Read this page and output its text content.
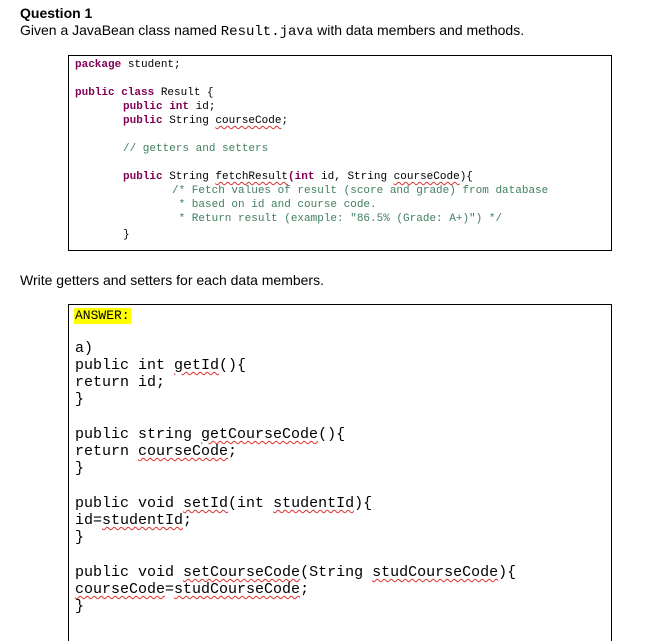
Question 1
Given a JavaBean class named Result.java with data members and methods.
package student;
public class Result {
public int id;
public String courseCode;
// getters and setters
public String fetchResult(int id, String courseCode){
/* Fetch values of result (score and grade) from database
* based on id and course code.
* Return result (example: "86.5% (Grade: A+)") */
}
Write getters and setters for each data members.
ANSWER:
a)
public int getId(){
return id;
}
public string getCourseCode(){
return courseCode;
}
public void setId(int studentId){
id=studentId;
}
public void setCourseCode(String studCourseCode){
courseCode=studCourseCode;
}
